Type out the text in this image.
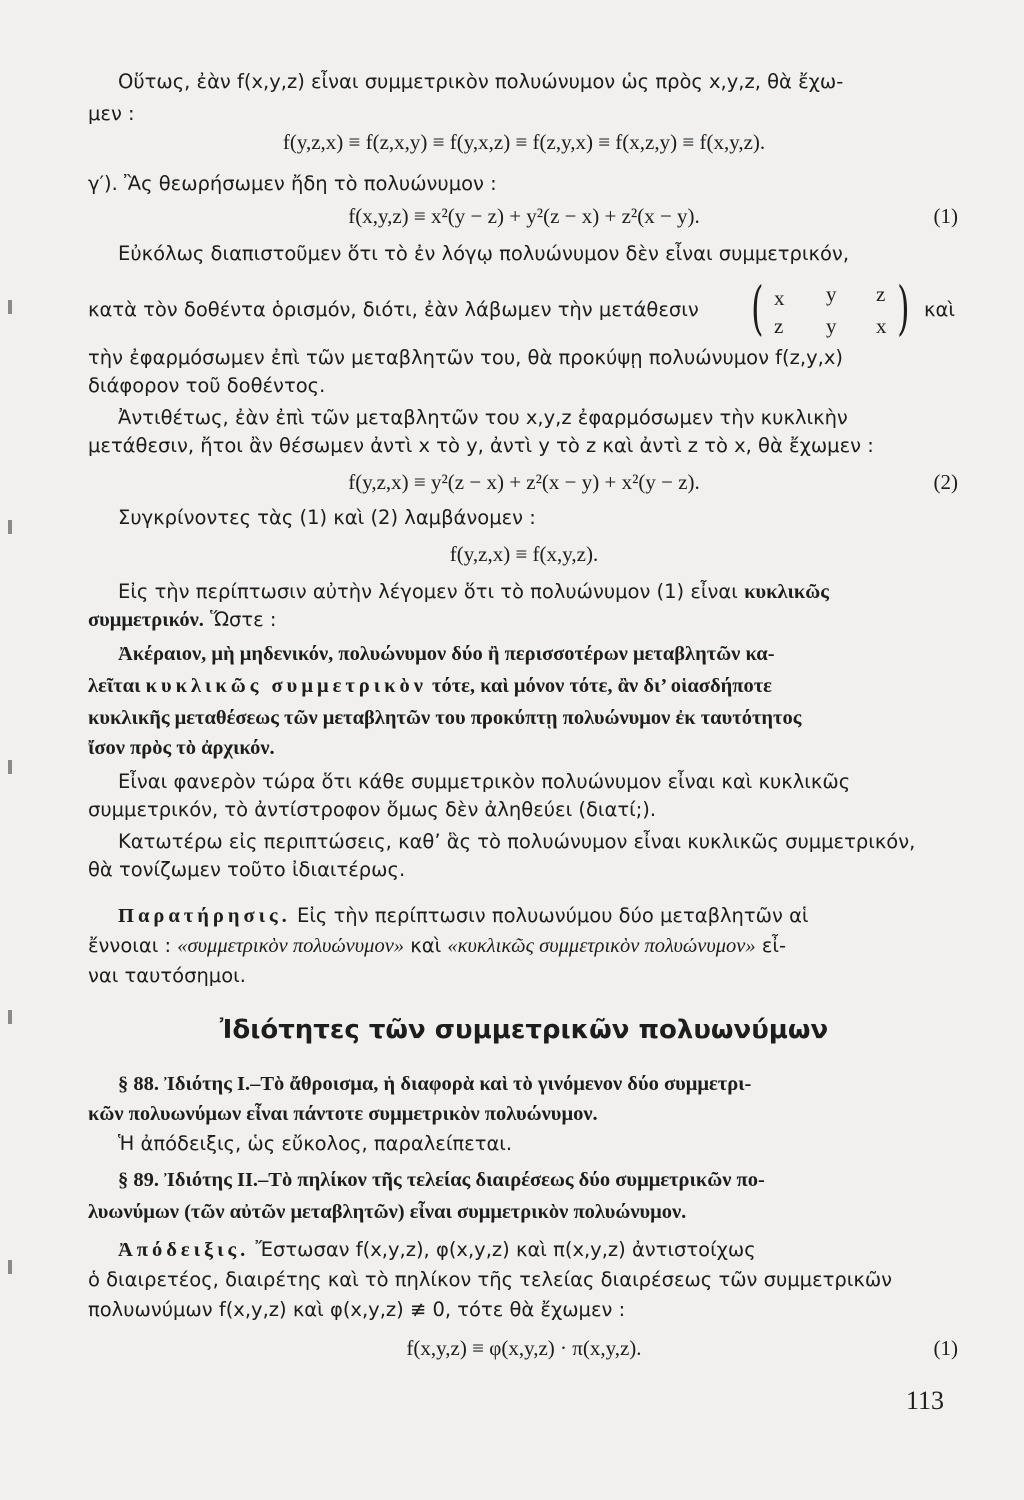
Οὕτως, ἐὰν f(x,y,z) εἶναι συμμετρικὸν πολυώνυμον ὡς πρὸς x,y,z, θὰ ἔχω-
μεν :
f(y,z,x) ≡ f(z,x,y) ≡ f(y,x,z) ≡ f(z,y,x) ≡ f(x,z,y) ≡ f(x,y,z).
γ′). Ἂς θεωρήσωμεν ἤδη τὸ πολυώνυμον :
f(x,y,z) ≡ x²(y − z) + y²(z − x) + z²(x − y).	(1)
Εὐκόλως διαπιστοῦμεν ὅτι τὸ ἐν λόγῳ πολυώνυμον δὲν εἶναι συμμετρικόν,
κατὰ τὸν δοθέντα ὁρισμόν, διότι, ἐὰν λάβωμεν τὴν μετάθεσιν ( x y z
z y x ) καὶ
τὴν ἐφαρμόσωμεν ἐπὶ τῶν μεταβλητῶν του, θὰ προκύψῃ πολυώνυμον f(z,y,x)
διάφορον τοῦ δοθέντος.
Ἀντιθέτως, ἐὰν ἐπὶ τῶν μεταβλητῶν του x,y,z ἐφαρμόσωμεν τὴν κυκλικὴν
μετάθεσιν, ἤτοι ἂν θέσωμεν ἀντὶ x τὸ y, ἀντὶ y τὸ z καὶ ἀντὶ z τὸ x, θὰ ἔχωμεν :
f(y,z,x) ≡ y²(z − x) + z²(x − y) + x²(y − z).	(2)
Συγκρίνοντες τὰς (1) καὶ (2) λαμβάνομεν :
f(y,z,x) ≡ f(x,y,z).
Εἰς τὴν περίπτωσιν αὐτὴν λέγομεν ὅτι τὸ πολυώνυμον (1) εἶναι κυκλικῶς
συμμετρικόν. Ὥστε :
Ἀκέραιον, μὴ μηδενικόν, πολυώνυμον δύο ἢ περισσοτέρων μεταβλητῶν κα-
λεῖται κυκλικῶς συμμετρικὸν τότε, καὶ μόνον τότε, ἂν δι’ οἱασδήποτε
κυκλικῆς μεταθέσεως τῶν μεταβλητῶν του προκύπτῃ πολυώνυμον ἐκ ταυτότητος
ἴσον πρὸς τὸ ἀρχικόν.
Εἶναι φανερὸν τώρα ὅτι κάθε συμμετρικὸν πολυώνυμον εἶναι καὶ κυκλικῶς
συμμετρικόν, τὸ ἀντίστροφον ὅμως δὲν ἀληθεύει (διατί;).
Κατωτέρω εἰς περιπτώσεις, καθ’ ἃς τὸ πολυώνυμον εἶναι κυκλικῶς συμμετρικόν,
θὰ τονίζωμεν τοῦτο ἰδιαιτέρως.
Παρατήρησις. Εἰς τὴν περίπτωσιν πολυωνύμου δύο μεταβλητῶν αἱ
ἔννοιαι : «συμμετρικὸν πολυώνυμον» καὶ «κυκλικῶς συμμετρικὸν πολυώνυμον» εἶ-
ναι ταυτόσημοι.
Ἰδιότητες τῶν συμμετρικῶν πολυωνύμων
§ 88. Ἰδιότης Ι.–Τὸ ἄθροισμα, ἡ διαφορὰ καὶ τὸ γινόμενον δύο συμμετρι-
κῶν πολυωνύμων εἶναι πάντοτε συμμετρικὸν πολυώνυμον.
Ἡ ἀπόδειξις, ὡς εὔκολος, παραλείπεται.
§ 89. Ἰδιότης ΙΙ.–Τὸ πηλίκον τῆς τελείας διαιρέσεως δύο συμμετρικῶν πο-
λυωνύμων (τῶν αὐτῶν μεταβλητῶν) εἶναι συμμετρικὸν πολυώνυμον.
Ἀπόδειξις. Ἔστωσαν f(x,y,z), φ(x,y,z) καὶ π(x,y,z) ἀντιστοίχως
ὁ διαιρετέος, διαιρέτης καὶ τὸ πηλίκον τῆς τελείας διαιρέσεως τῶν συμμετρικῶν
πολυωνύμων f(x,y,z) καὶ φ(x,y,z) ≢ 0, τότε θὰ ἔχωμεν :
f(x,y,z) ≡ φ(x,y,z) · π(x,y,z).	(1)
113
